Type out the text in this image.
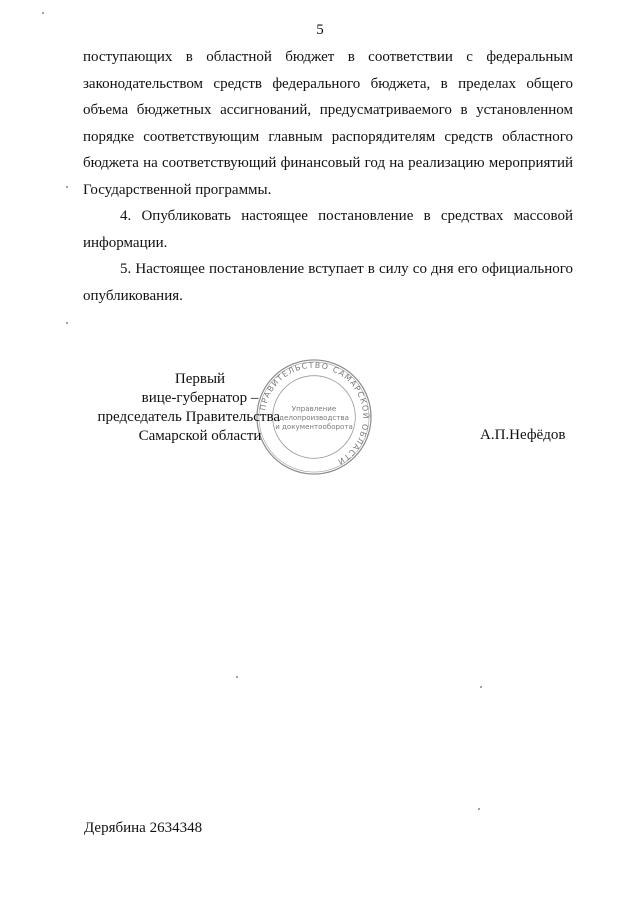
5

поступающих в областной бюджет в соответствии с федеральным законодательством средств федерального бюджета, в пределах общего объема бюджетных ассигнований, предусматриваемого в установленном порядке соответствующим главным распорядителям средств областного бюджета на соответствующий финансовый год на реализацию мероприятий Государственной программы.

4. Опубликовать настоящее постановление в средствах массовой информации.

5. Настоящее постановление вступает в силу со дня его официального опубликования.

ПРАВИТЕЛЬСТВО САМАРСКОЙ ОБЛАСТИ
Управление
делопроизводства
и документооборота
Первый
вице-губернатор –
председатель Правительства
Самарской области	А.П.Нефёдов
Дерябина 2634348
